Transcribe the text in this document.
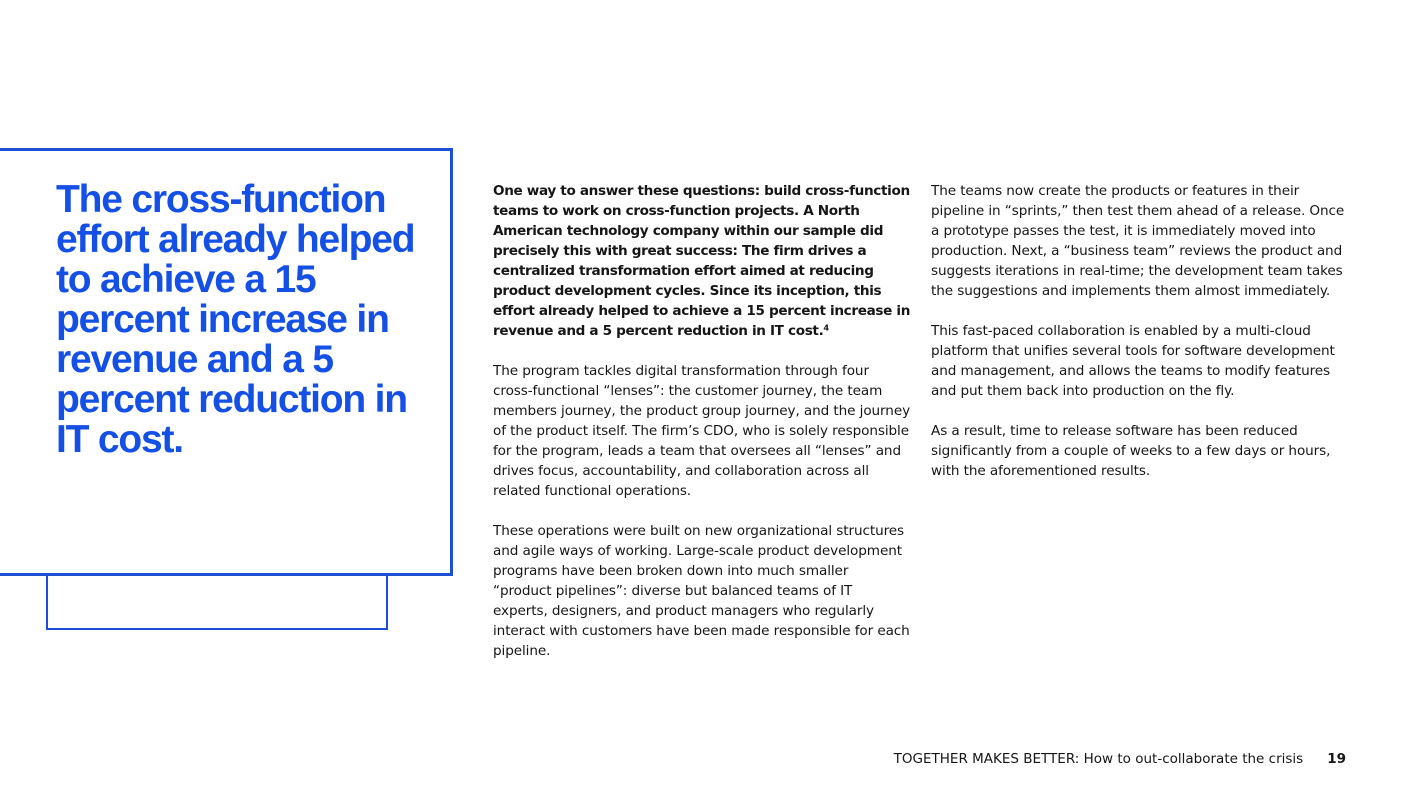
The cross-function effort already helped to achieve a 15 percent increase in revenue and a 5 percent reduction in IT cost.

One way to answer these questions: build cross-function teams to work on cross-function projects. A North American technology company within our sample did precisely this with great success: The firm drives a centralized transformation effort aimed at reducing product development cycles. Since its inception, this effort already helped to achieve a 15 percent increase in revenue and a 5 percent reduction in IT cost.⁴

The program tackles digital transformation through four cross-functional “lenses”: the customer journey, the team members journey, the product group journey, and the journey of the product itself. The firm’s CDO, who is solely responsible for the program, leads a team that oversees all “lenses” and drives focus, accountability, and collaboration across all related functional operations.

These operations were built on new organizational structures and agile ways of working. Large-scale product development programs have been broken down into much smaller “product pipelines”: diverse but balanced teams of IT experts, designers, and product managers who regularly interact with customers have been made responsible for each pipeline.

The teams now create the products or features in their pipeline in “sprints,” then test them ahead of a release. Once a prototype passes the test, it is immediately moved into production. Next, a “business team” reviews the product and suggests iterations in real-time; the development team takes the suggestions and implements them almost immediately.

This fast-paced collaboration is enabled by a multi-cloud platform that unifies several tools for software development and management, and allows the teams to modify features and put them back into production on the fly.

As a result, time to release software has been reduced significantly from a couple of weeks to a few days or hours, with the aforementioned results.

TOGETHER MAKES BETTER: How to out-collaborate the crisis 19
